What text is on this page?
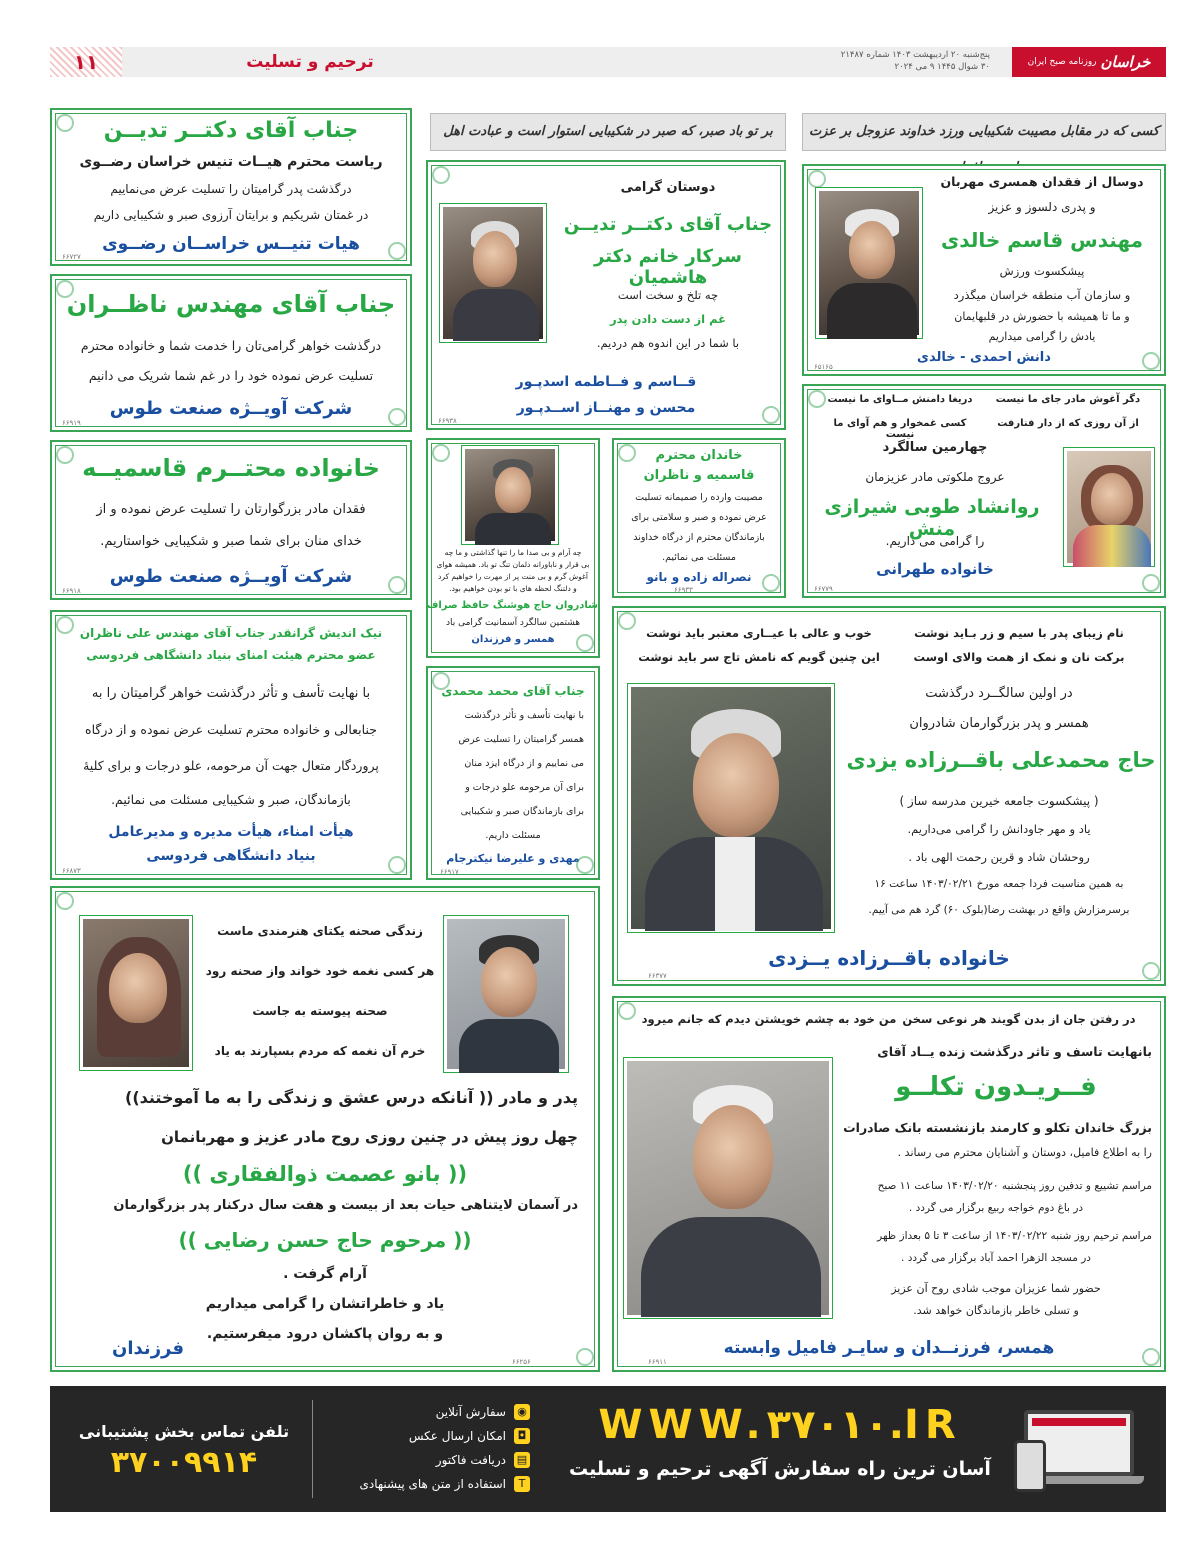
۱۱	ترحیم و تسلیت	پنج‌شنبه ۲۰ اردیبهشت ۱۴۰۳ شماره ۲۱۴۸۷
۳۰ شوال ۱۴۴۵ ۹ می ۲۰۲۴	خراسان
روزنامه صبح ایران
کسی که در مقابل مصیبت شکیبایی ورزد خداوند عزوجل بر عزت
بر تو باد صبر، که صبر در شکیبایی استوار است و عبادت اهل
جناب آقای دکتــر تدیــن
ریاست محترم هیــات تنیس خراسان رضــوی
درگذشت پدر گرامیتان را تسلیت عرض می‌نماییم
در غمتان شریکیم و برایتان آرزوی صبر و شکیبایی داریم
هیات تنیــس خراســان رضــوی
۶۶۷۲۷
جناب آقای مهندس ناظــران
درگذشت خواهر گرامی‌تان را خدمت شما و خانواده محترم
تسلیت عرض نموده خود را در غم شما شریک می دانیم
شرکت آویــژه صنعت طوس
۶۶۹۱۹
خانواده محتــرم قاسمیــه
فقدان مادر بزرگوارتان را تسلیت عرض نموده و از
خدای منان برای شما صبر و شکیبایی خواستاریم.
شرکت آویــژه صنعت طوس
۶۶۹۱۸
نیک اندیش گرانقدر جناب آقای مهندس علی ناظران
عضو محترم هیئت امنای بنیاد دانشگاهی فردوسی
با نهایت تأسف و تأثر درگذشت خواهر گرامیتان را به
جنابعالی و خانواده محترم تسلیت عرض نموده و از درگاه
پروردگار متعال جهت آن مرحومه، علو درجات و برای کلیهٔ
بازماندگان، صبر و شکیبایی مسئلت می نمائیم.
هیأت امناء، هیأت مدیره و مدیرعامل
بنیاد دانشگاهی فردوسی
۶۶۸۷۳
دوستان گرامی
جناب آقای دکتــر تدیــن
سرکار خانم دکتر هاشمیان
چه تلخ و سخت است
غم از دست دادن پدر
با شما در این اندوه هم دردیم.
قــاسم و فــاطمه اسدپـور
محسن و مهنــاز اســدپـور
۶۶۹۳۸
دوسال از فقدان همسری مهربان
و پدری دلسوز و عزیز
مهندس قاسم خالدی
پیشکسوت ورزش
و سازمان آب منطقه خراسان میگذرد
و ما تا همیشه با حضورش در قلبهایمان
یادش را گرامی میداریم
دانش احمدی - خالدی
۶۵۱۶۵
دگر آغوش مادر جای ما نیست
دریغا دامنش مــاوای ما نیست
از آن روزی که از دار فنارفت
کسی غمخوار و هم آوای ما نیست
چهارمین سالگرد
عروج ملکوتی مادر عزیزمان
روانشاد طوبی شیرازی منش
را گرامی می داریم.
خانواده طهرانی
۶۶۷۷۹
چه آرام و بی صدا ما را تنها گذاشتی و ما چه
بی قرار و ناباورانه دلمان تنگ تو باد. همیشه هوای
آغوش گرم و بی منت پر از مهرت را خواهیم کرد
و دلتنگ لحظه های با تو بودن خواهیم بود.
شادروان حاج هوشنگ حافظ صراف
هشتمین سالگرد آسمانیت گرامی باد
همسر و فرزندان
خاندان محترم
قاسمیه و ناظران
مصیبت وارده را صمیمانه تسلیت
عرض نموده و صبر و سلامتی برای
بازماندگان محترم از درگاه خداوند
مسئلت می نمائیم.
نصراله زاده و بانو
۶۶۹۳۳
جناب آقای محمد محمدی
با نهایت تأسف و تأثر درگذشت
همسر گرامیتان را تسلیت عرض
می نماییم و از درگاه ایزد منان
برای آن مرحومه علو درجات و
برای بازماندگان صبر و شکیبایی
مسئلت داریم.
مهدی و علیرضا نیکترجام
۶۶۹۱۷
نام زیبای پدر با سیم و زر بـاید نوشت
خوب و عالی با عیــاری معتبر باید نوشت
برکت نان و نمک از همت والای اوست
این چنین گویم که نامش تاج سر باید نوشت
در اولین سالگــرد درگذشت
همسر و پدر بزرگوارمان شادروان
حاج محمدعلی باقــرزاده یزدی
( پیشکسوت جامعه خیرین مدرسه ساز )
یاد و مهر جاودانش را گرامی می‌داریم.
روحشان شاد و قرین رحمت الهی باد .
به همین مناسبت فردا جمعه مورخ ۱۴۰۳/۰۲/۲۱ ساعت ۱۶
برسرمزارش واقع در بهشت رضا(بلوک ۶۰) گرد هم می آییم.
خانواده باقــرزاده یــزدی
۶۶۳۷۷
زندگی صحنه یکتای هنرمندی ماست
هر کسی نغمه خود خواند واز صحنه رود
صحنه پیوسته به جاست
خرم آن نغمه که مردم بسپارند به یاد
پدر و مادر (( آنانکه درس عشق و زندگی را به ما آموختند))
چهل روز پیش در چنین روزی روح مادر عزیز و مهربانمان
(( بانو عصمت ذوالفقاری ))
در آسمان لایتناهی حیات بعد از بیست و هفت سال درکنار پدر بزرگوارمان
(( مرحوم حاج حسن رضایی ))
آرام گرفت .
یاد و خاطراتشان را گرامی میداریم
و به روان پاکشان درود میفرستیم.
فرزندان
۶۶۲۵۶
در رفتن جان از بدن گویند هر نوعی سخن
من خود به چشم خویشتن دیدم که جانم میرود
بانهایت تاسف و تاثر درگذشت زنده یــاد آقای
فــریـدون تکلــو
بزرگ خاندان تکلو و کارمند بازنشسته بانک صادرات
را به اطلاع فامیل، دوستان و آشنایان محترم می رساند .
مراسم تشییع و تدفین روز پنجشنبه ۱۴۰۳/۰۲/۲۰ ساعت ۱۱ صبح
در باغ دوم خواجه ربیع برگزار می گردد .
مراسم ترحیم روز شنبه ۱۴۰۳/۰۲/۲۲ از ساعت ۳ تا ۵ بعداز ظهر
در مسجد الزهرا احمد آباد برگزار می گردد .
حضور شما عزیزان موجب شادی روح آن عزیز
و تسلی خاطر بازماندگان خواهد شد.
همسر، فرزنــدان و سایـر فامیل وابسته
۶۶۹۱۱
تلفن تماس بخش پشتیبانی
۳۷۰۰۹۹۱۴
◉
سفارش آنلاین
◘
امکان ارسال عکس
▤
دریافت فاکتور
T
استفاده از متن های پیشنهادی
WWW.۳۷۰۱۰.IR
آسان ترین راه سفارش آگهی ترحیم و تسلیت
